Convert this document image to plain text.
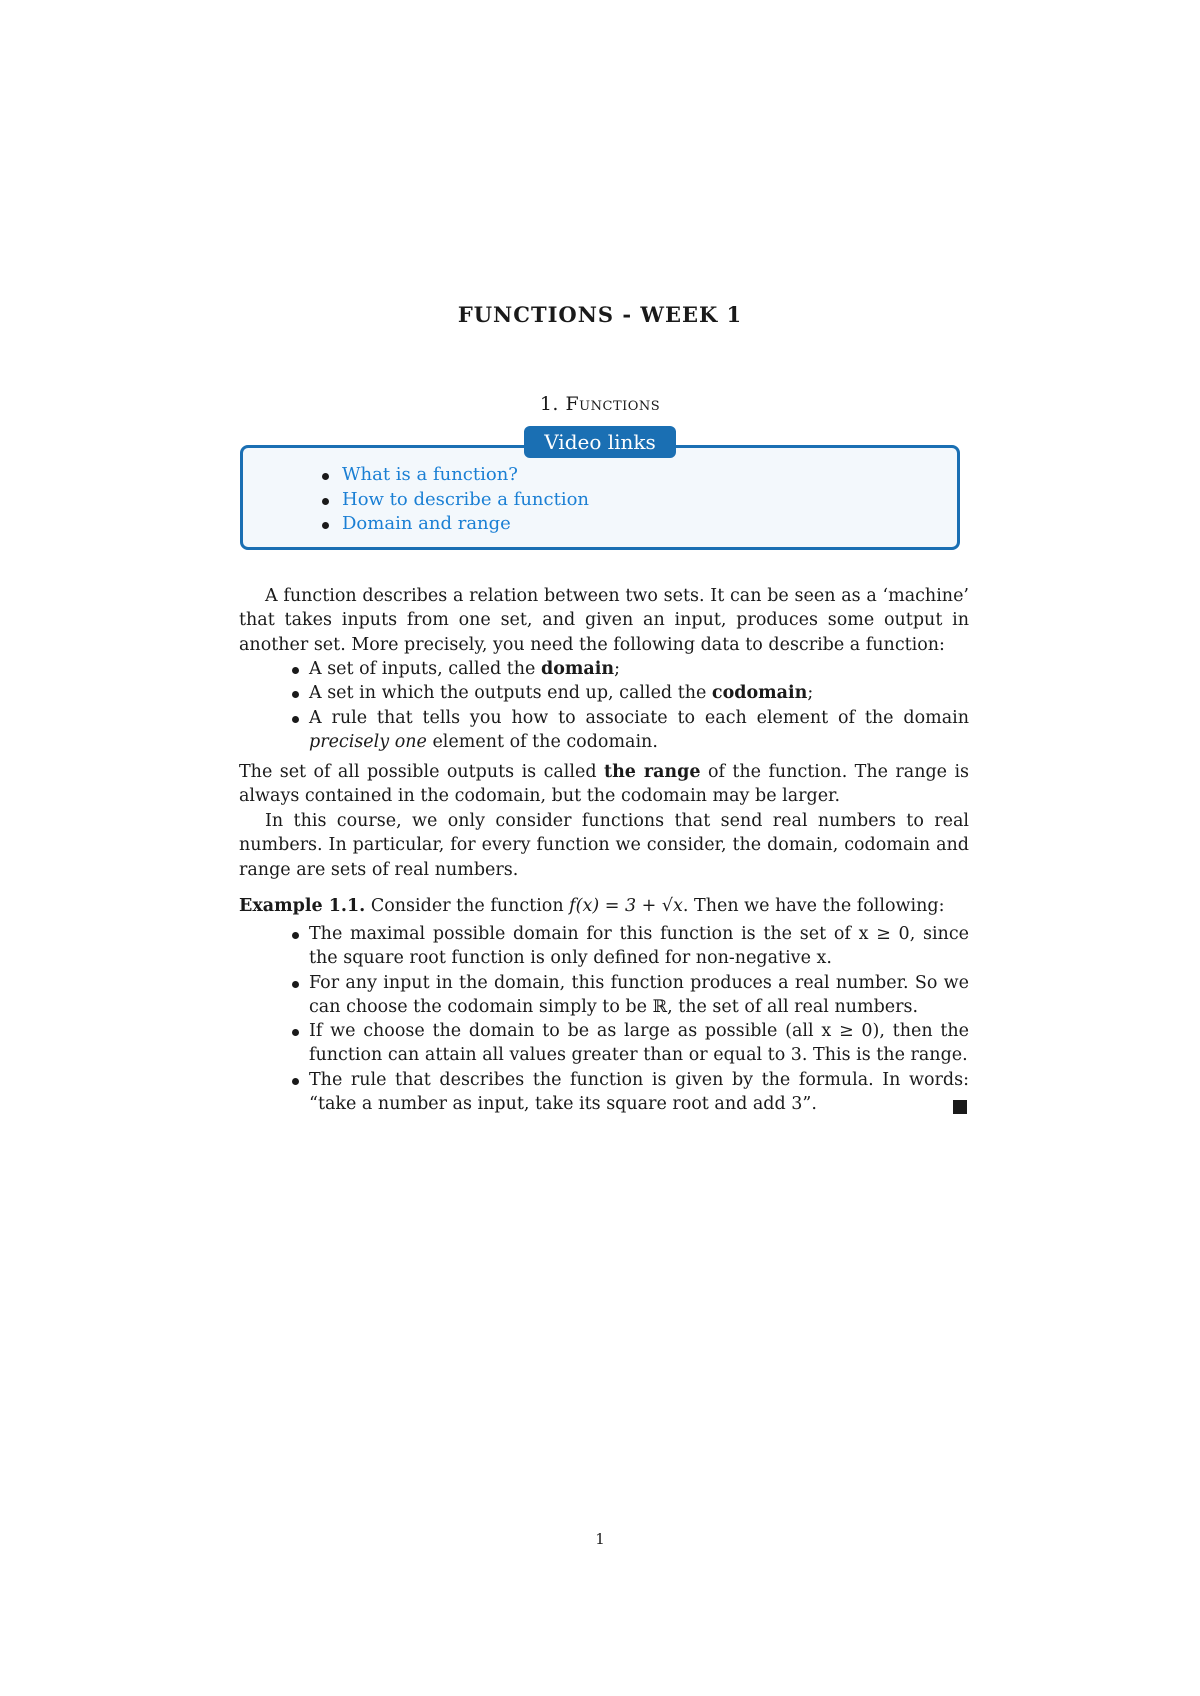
FUNCTIONS - WEEK 1
1. Functions
Video links
What is a function?
How to describe a function
Domain and range
A function describes a relation between two sets. It can be seen as a ‘machine’ that takes inputs from one set, and given an input, produces some output in another set. More precisely, you need the following data to describe a function:
A set of inputs, called the domain;
A set in which the outputs end up, called the codomain;
A rule that tells you how to associate to each element of the domain precisely one element of the codomain.
The set of all possible outputs is called the range of the function. The range is always contained in the codomain, but the codomain may be larger.
In this course, we only consider functions that send real numbers to real numbers. In particular, for every function we consider, the domain, codomain and range are sets of real numbers.
Example 1.1. Consider the function f(x) = 3 + √x. Then we have the following:
The maximal possible domain for this function is the set of x ≥ 0, since the square root function is only defined for non-negative x.
For any input in the domain, this function produces a real number. So we can choose the codomain simply to be ℝ, the set of all real numbers.
If we choose the domain to be as large as possible (all x ≥ 0), then the function can attain all values greater than or equal to 3. This is the range.
The rule that describes the function is given by the formula. In words: “take a number as input, take its square root and add 3”.
1
